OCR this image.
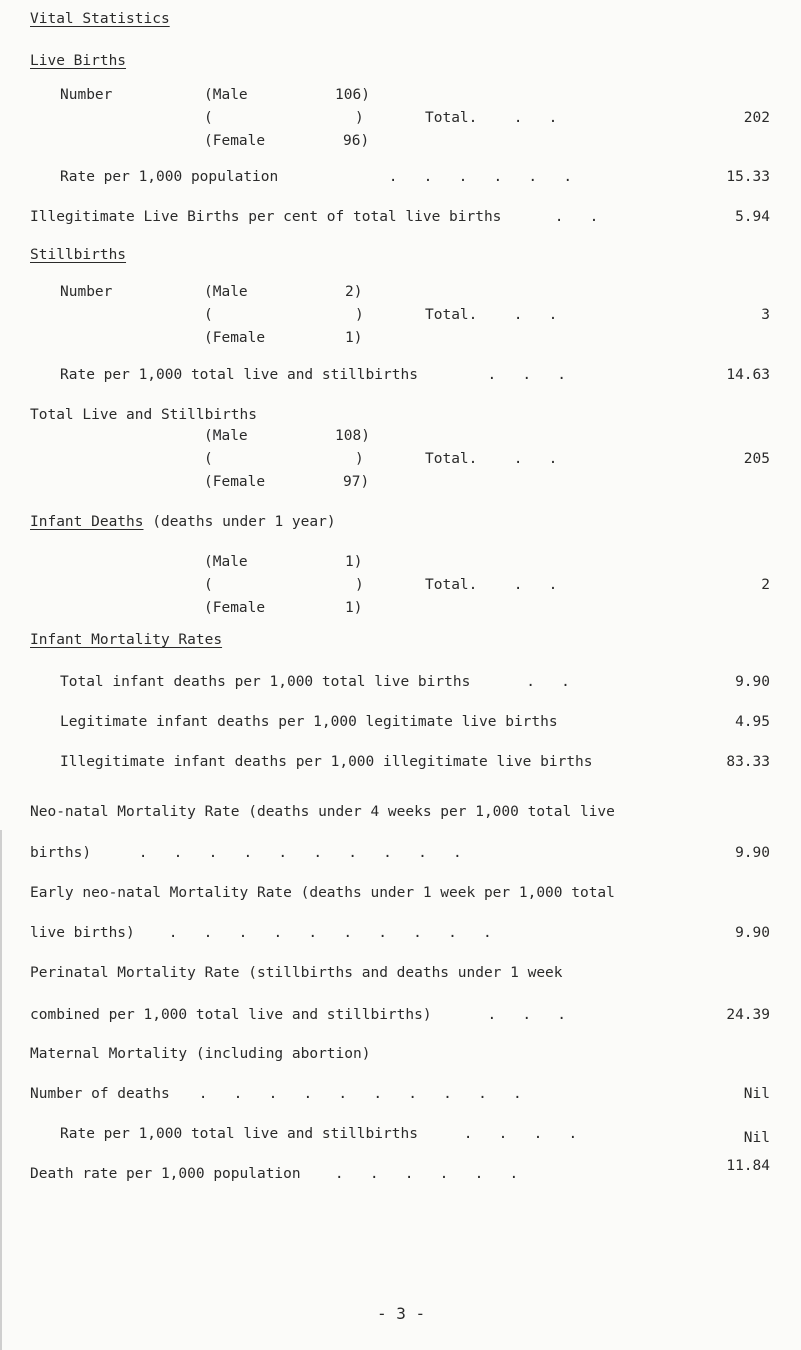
Vital Statistics
Live Births
Number	(Male	106)
(	)	Total. .   .	202
(Female	96)
Rate per 1,000 population	.   .   .   .   .   .	15.33
Illegitimate Live Births per cent of total live births	.   .	5.94
Stillbirths
Number	(Male	2)
(	)	Total. .   .	3
(Female	1)
Rate per 1,000 total live and stillbirths	.   .   .	14.63
Total Live and Stillbirths
(Male	108)
(	)	Total. .   .	205
(Female	97)
Infant Deaths (deaths under 1 year)
(Male	1)
(	)	Total. .   .	2
(Female	1)
Infant Mortality Rates
Total infant deaths per 1,000 total live births .   .	9.90
Legitimate infant deaths per 1,000 legitimate live births	4.95
Illegitimate infant deaths per 1,000 illegitimate live births	83.33
Neo-natal Mortality Rate (deaths under 4 weeks per 1,000 total live
births)	.   .   .   .   .   .   .   .   .   .	9.90
Early neo-natal Mortality Rate (deaths under 1 week per 1,000 total
live births) .   .   .   .   .   .   .   .   .   .	9.90
Perinatal Mortality Rate (stillbirths and deaths under 1 week
combined per 1,000 total live and stillbirths)	.   .   .	24.39
Maternal Mortality (including abortion)
Number of deaths .   .   .   .   .   .   .   .   .   .	Nil
Rate per 1,000 total live and stillbirths	.   .   .   .	Nil
Death rate per 1,000 population .   .   .   .   .   .	11.84
- 3 -
